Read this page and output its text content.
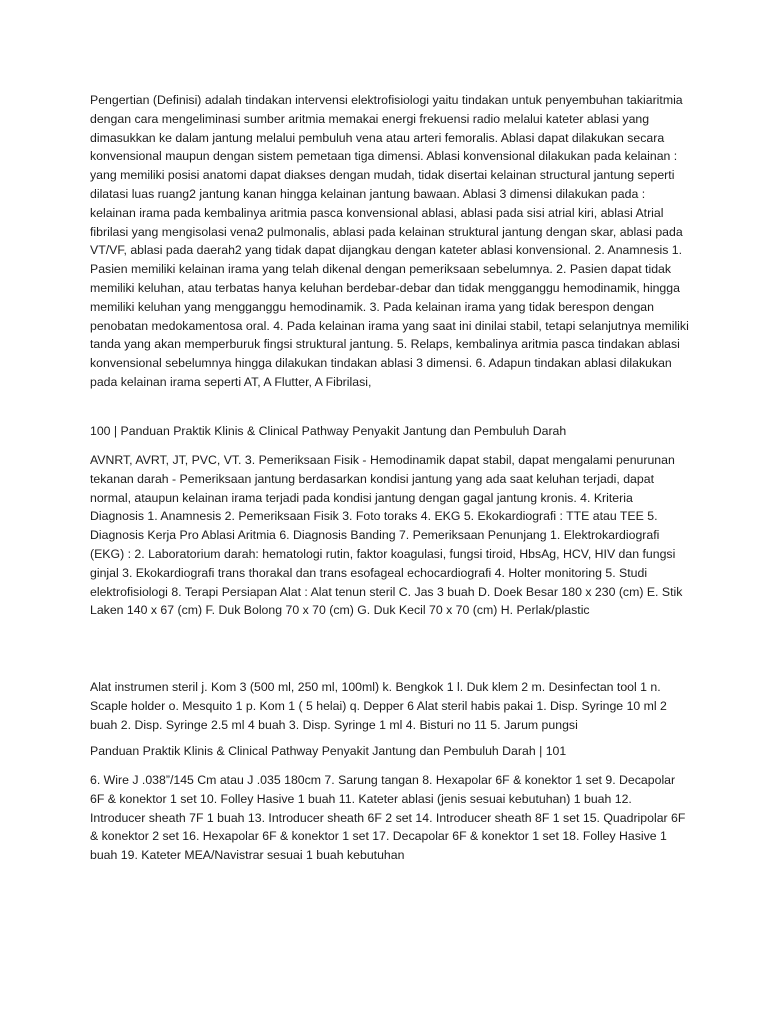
Pengertian (Definisi) adalah tindakan intervensi elektrofisiologi yaitu tindakan untuk penyembuhan takiaritmia dengan cara mengeliminasi sumber aritmia memakai energi frekuensi radio melalui kateter ablasi yang dimasukkan ke dalam jantung melalui pembuluh vena atau arteri femoralis. Ablasi dapat dilakukan secara konvensional maupun dengan sistem pemetaan tiga dimensi. Ablasi konvensional dilakukan pada kelainan : yang memiliki posisi anatomi dapat diakses dengan mudah, tidak disertai kelainan structural jantung seperti dilatasi luas ruang2 jantung kanan hingga kelainan jantung bawaan. Ablasi 3 dimensi dilakukan pada : kelainan irama pada kembalinya aritmia pasca konvensional ablasi, ablasi pada sisi atrial kiri, ablasi Atrial fibrilasi yang mengisolasi vena2 pulmonalis, ablasi pada kelainan struktural jantung dengan skar, ablasi pada VT/VF, ablasi pada daerah2 yang tidak dapat dijangkau dengan kateter ablasi konvensional. 2. Anamnesis 1. Pasien memiliki kelainan irama yang telah dikenal dengan pemeriksaan sebelumnya. 2. Pasien dapat tidak memiliki keluhan, atau terbatas hanya keluhan berdebar-debar dan tidak mengganggu hemodinamik, hingga memiliki keluhan yang mengganggu hemodinamik. 3. Pada kelainan irama yang tidak berespon dengan penobatan medokamentosa oral. 4. Pada kelainan irama yang saat ini dinilai stabil, tetapi selanjutnya memiliki tanda yang akan memperburuk fingsi struktural jantung. 5. Relaps, kembalinya aritmia pasca tindakan ablasi konvensional sebelumnya hingga dilakukan tindakan ablasi 3 dimensi. 6. Adapun tindakan ablasi dilakukan pada kelainan irama seperti AT, A Flutter, A Fibrilasi,

100 | Panduan Praktik Klinis & Clinical Pathway Penyakit Jantung dan Pembuluh Darah

AVNRT, AVRT, JT, PVC, VT. 3. Pemeriksaan Fisik - Hemodinamik dapat stabil, dapat mengalami penurunan tekanan darah - Pemeriksaan jantung berdasarkan kondisi jantung yang ada saat keluhan terjadi, dapat normal, ataupun kelainan irama terjadi pada kondisi jantung dengan gagal jantung kronis. 4. Kriteria Diagnosis 1. Anamnesis 2. Pemeriksaan Fisik 3. Foto toraks 4. EKG 5. Ekokardiografi : TTE atau TEE 5. Diagnosis Kerja Pro Ablasi Aritmia 6. Diagnosis Banding 7. Pemeriksaan Penunjang 1. Elektrokardiografi (EKG) : 2. Laboratorium darah: hematologi rutin, faktor koagulasi, fungsi tiroid, HbsAg, HCV, HIV dan fungsi ginjal 3. Ekokardiografi trans thorakal dan trans esofageal echocardiografi 4. Holter monitoring 5. Studi elektrofisiologi 8. Terapi Persiapan Alat : Alat tenun steril C. Jas 3 buah D. Doek Besar 180 x 230 (cm) E. Stik Laken 140 x 67 (cm) F. Duk Bolong 70 x 70 (cm) G. Duk Kecil 70 x 70 (cm) H. Perlak/plastic

Alat instrumen steril j. Kom 3 (500 ml, 250 ml, 100ml) k. Bengkok 1 l. Duk klem 2 m. Desinfectan tool 1 n. Scaple holder o. Mesquito 1 p. Kom 1 ( 5 helai) q. Depper 6 Alat steril habis pakai 1. Disp. Syringe 10 ml 2 buah 2. Disp. Syringe 2.5 ml 4 buah 3. Disp. Syringe 1 ml 4. Bisturi no 11 5. Jarum pungsi

Panduan Praktik Klinis & Clinical Pathway Penyakit Jantung dan Pembuluh Darah | 101

6. Wire J .038”/145 Cm atau J .035 180cm 7. Sarung tangan 8. Hexapolar 6F & konektor 1 set 9. Decapolar 6F & konektor 1 set 10. Folley Hasive 1 buah 11. Kateter ablasi (jenis sesuai kebutuhan) 1 buah 12. Introducer sheath 7F 1 buah 13. Introducer sheath 6F 2 set 14. Introducer sheath 8F 1 set 15. Quadripolar 6F & konektor 2 set 16. Hexapolar 6F & konektor 1 set 17. Decapolar 6F & konektor 1 set 18. Folley Hasive 1 buah 19. Kateter MEA/Navistrar sesuai 1 buah kebutuhan
